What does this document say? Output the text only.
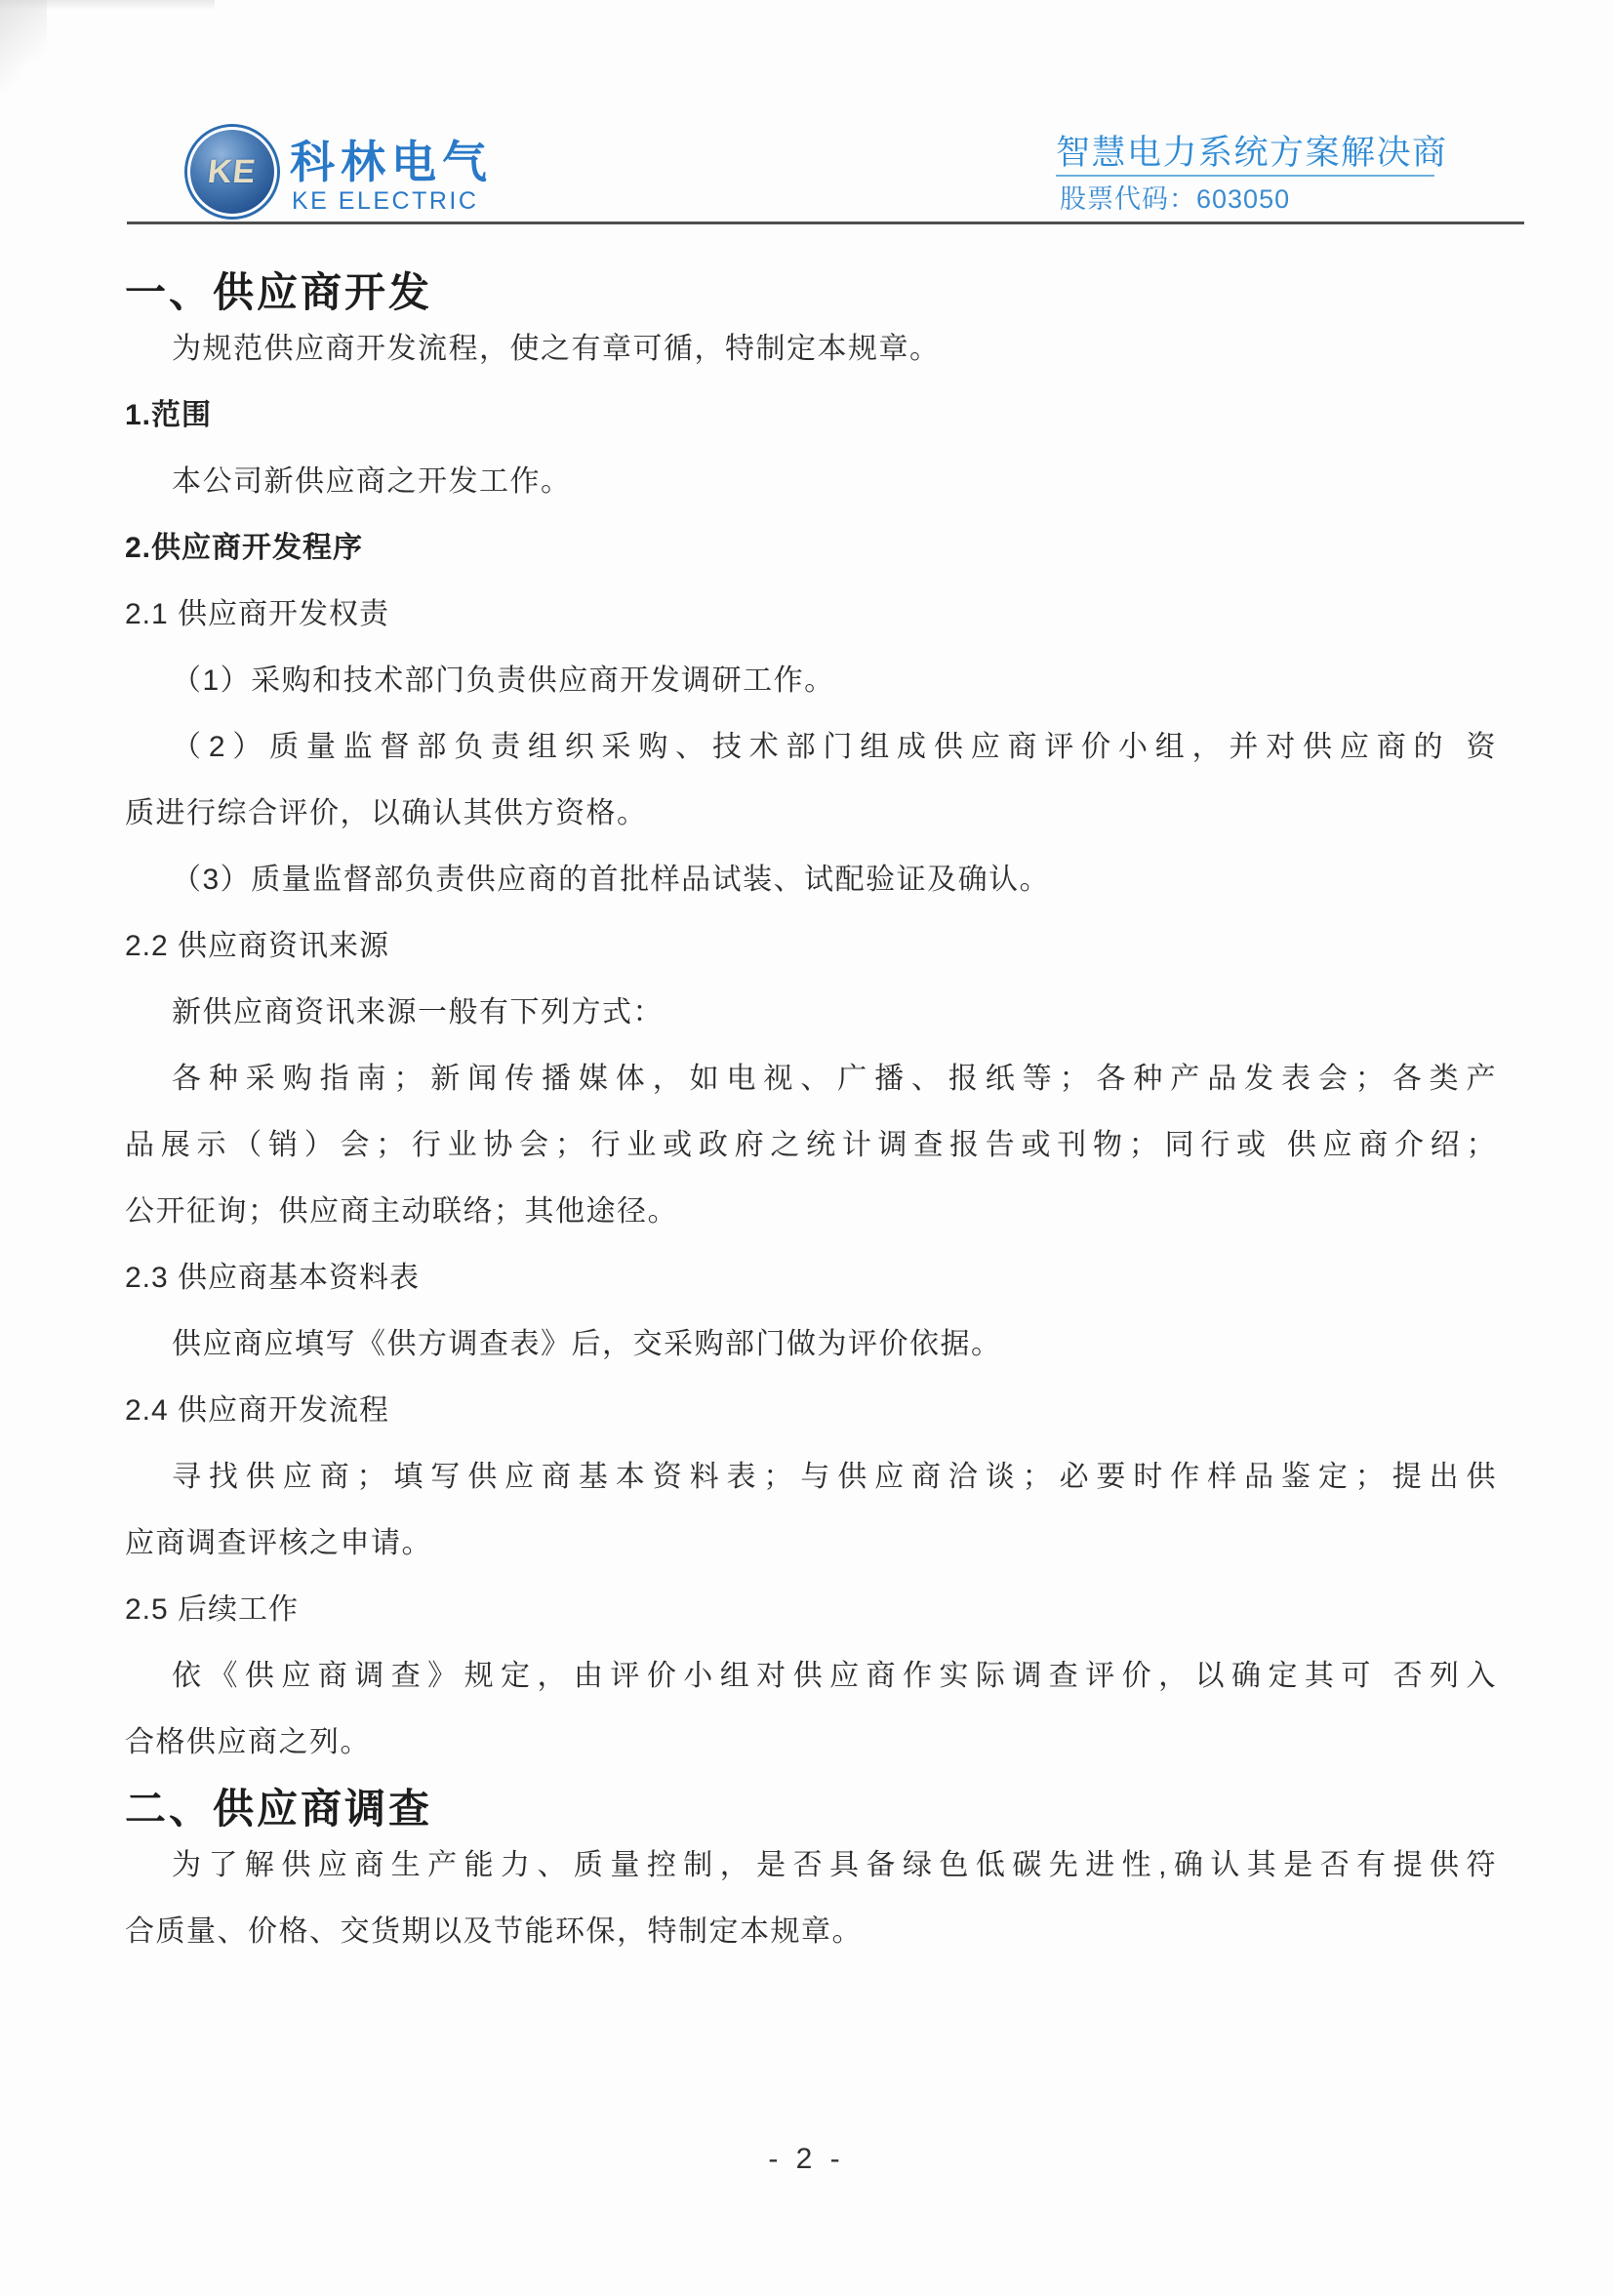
KE 科林电气
KE ELECTRIC
智慧电力系统方案解决商
股票代码：603050
一、供应商开发
为规范供应商开发流程，使之有章可循，特制定本规章。
1.范围
本公司新供应商之开发工作。
2.供应商开发程序
2.1 供应商开发权责
（1）采购和技术部门负责供应商开发调研工作。
（2）质量监督部负责组织采购、技术部门组成供应商评价小组，并对供应商的 资
质进行综合评价，以确认其供方资格。
（3）质量监督部负责供应商的首批样品试装、试配验证及确认。
2.2 供应商资讯来源
新供应商资讯来源一般有下列方式：
各种采购指南；新闻传播媒体，如电视、广播、报纸等；各种产品发表会；各类产
品展示（销）会；行业协会；行业或政府之统计调查报告或刊物；同行或 供应商介绍；
公开征询；供应商主动联络；其他途径。
2.3 供应商基本资料表
供应商应填写《供方调查表》后，交采购部门做为评价依据。
2.4 供应商开发流程
寻找供应商；填写供应商基本资料表；与供应商洽谈；必要时作样品鉴定；提出供
应商调查评核之申请。
2.5 后续工作
依《供应商调查》规定，由评价小组对供应商作实际调查评价，以确定其可 否列入
合格供应商之列。
二、供应商调查
为了解供应商生产能力、质量控制，是否具备绿色低碳先进性,确认其是否有提供符
合质量、价格、交货期以及节能环保，特制定本规章。
- 2 -
